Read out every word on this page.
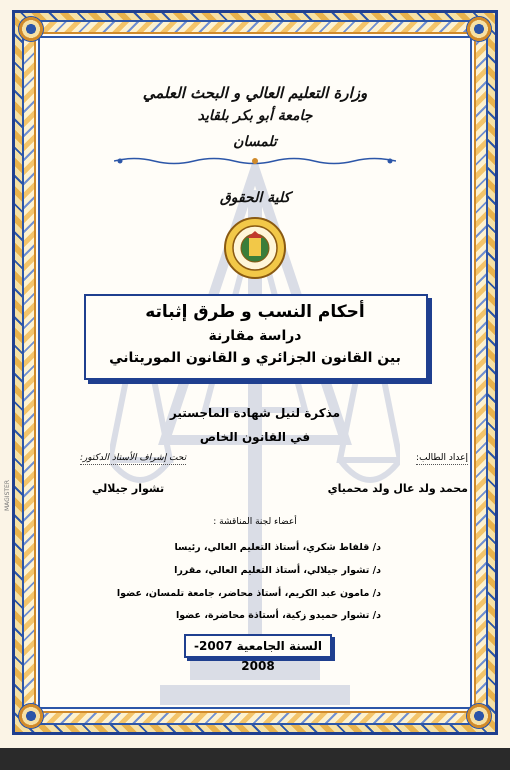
وزارة التعليم العالي و البحث العلمي
جامعة أبو بكر بلقايد
تلمسان
كلية الحقوق
أحكام النسب و طرق إثباته
دراسة مقارنة
بين القانون الجزائري و القانون الموريتاني
مذكرة لنيل شهادة الماجستير
في القانون الخاص
إعداد الطالب:
تحت إشراف الأستاذ الدكتور:
محمد ولد عال ولد محمياي
تشوار جيلالي
أعضاء لجنة المناقشة :
د/ قلفاط شكري، أستاذ التعليم العالي، رئيسا
د/ تشوار جيلالي، أستاذ التعليم العالي، مقررا
د/ مامون عبد الكريم، أستاذ محاضر، جامعة تلمسان، عضوا
د/ تشوار حميدو زكية، أستاذة محاضرة، عضوا
السنة الجامعية 2007-2008
MAGISTER
